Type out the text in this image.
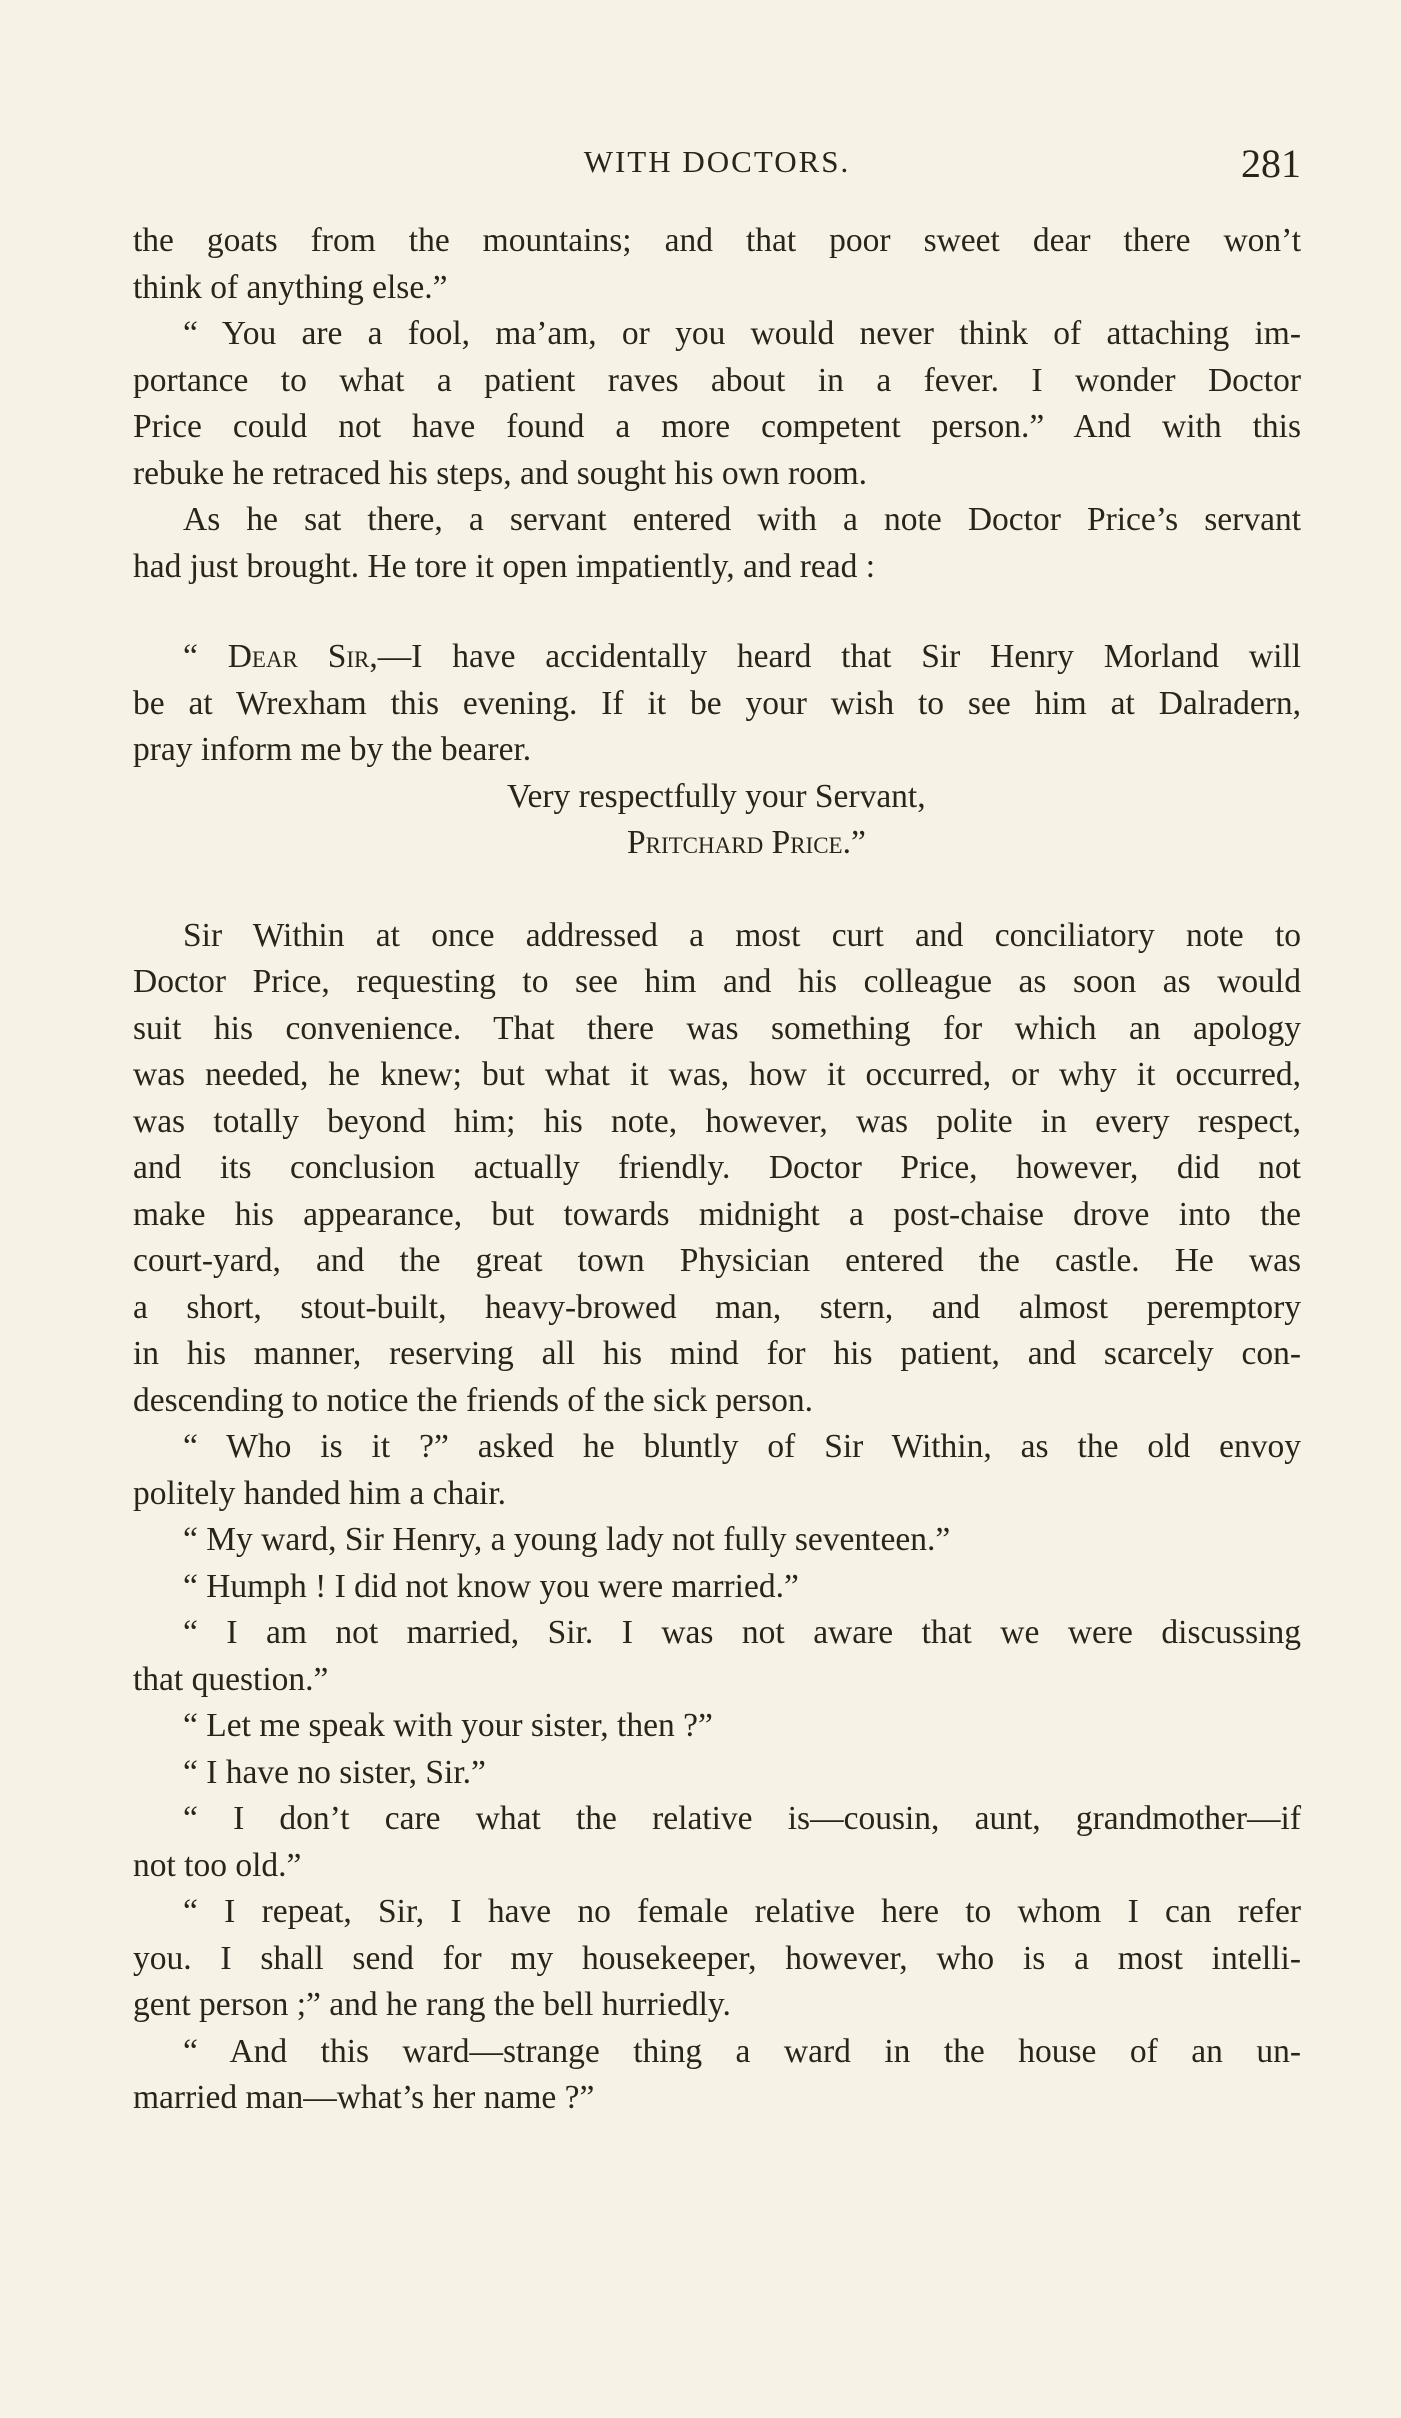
WITH DOCTORS.	281
the goats from the mountains; and that poor sweet dear there won’t
think of anything else.”
“ You are a fool, ma’am, or you would never think of attaching im-
portance to what a patient raves about in a fever. I wonder Doctor
Price could not have found a more competent person.” And with this
rebuke he retraced his steps, and sought his own room.
As he sat there, a servant entered with a note Doctor Price’s servant
had just brought. He tore it open impatiently, and read :
“ Dear Sir,—I have accidentally heard that Sir Henry Morland will
be at Wrexham this evening. If it be your wish to see him at Dalradern,
pray inform me by the bearer.
Very respectfully your Servant,
Pritchard Price.”
Sir Within at once addressed a most curt and conciliatory note to
Doctor Price, requesting to see him and his colleague as soon as would
suit his convenience. That there was something for which an apology
was needed, he knew; but what it was, how it occurred, or why it occurred,
was totally beyond him; his note, however, was polite in every respect,
and its conclusion actually friendly. Doctor Price, however, did not
make his appearance, but towards midnight a post-chaise drove into the
court-yard, and the great town Physician entered the castle. He was
a short, stout-built, heavy-browed man, stern, and almost peremptory
in his manner, reserving all his mind for his patient, and scarcely con-
descending to notice the friends of the sick person.
“ Who is it ?” asked he bluntly of Sir Within, as the old envoy
politely handed him a chair.
“ My ward, Sir Henry, a young lady not fully seventeen.”
“ Humph ! I did not know you were married.”
“ I am not married, Sir. I was not aware that we were discussing
that question.”
“ Let me speak with your sister, then ?”
“ I have no sister, Sir.”
“ I don’t care what the relative is—cousin, aunt, grandmother—if
not too old.”
“ I repeat, Sir, I have no female relative here to whom I can refer
you. I shall send for my housekeeper, however, who is a most intelli-
gent person ;” and he rang the bell hurriedly.
“ And this ward—strange thing a ward in the house of an un-
married man—what’s her name ?”
